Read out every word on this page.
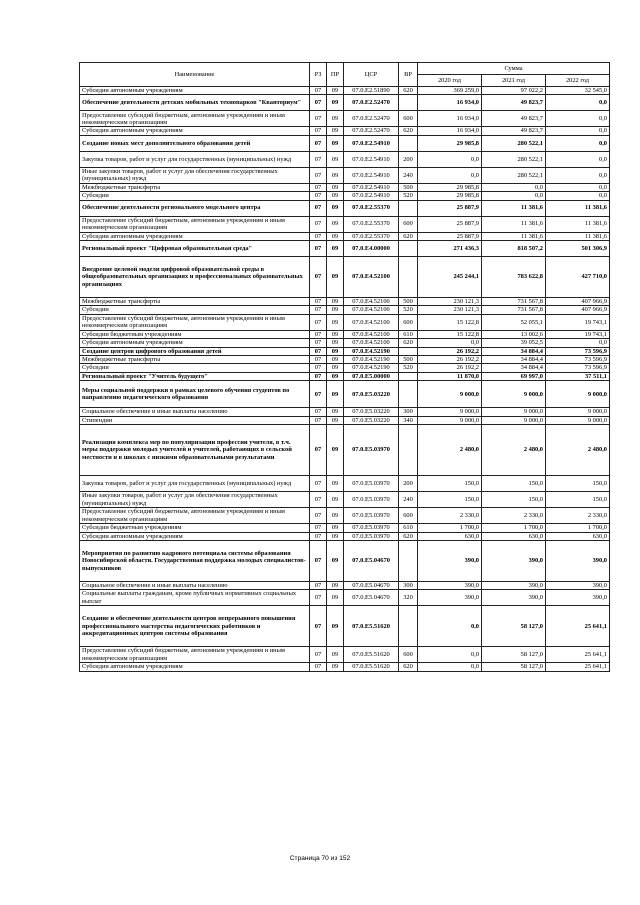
Наименование	РЗ	ПР	ЦСР	ВР	Сумма		
					2020 год	2021 год	2022 год
Субсидии автономным учреждениям	07	09	07.0.E2.51890	620	369 259,0	97 022,2	32 545,0
Обеспечение деятельности детских мобильных технопарков "Кванториум"	07	09	07.0.E2.52470		16 934,0	49 823,7	0,0
Предоставление субсидий бюджетным, автономным учреждениям и иным некоммерческим организациям	07	09	07.0.E2.52470	600	16 934,0	49 823,7	0,0
Субсидии автономным учреждениям	07	09	07.0.E2.52470	620	16 934,0	49 823,7	0,0
Создание новых мест дополнительного образования детей	07	09	07.0.E2.54910		29 985,8	280 522,1	0,0
Закупка товаров, работ и услуг для государственных (муниципальных) нужд	07	09	07.0.E2.54910	200	0,0	280 522,1	0,0
Иные закупки товаров, работ и услуг для обеспечения государственных (муниципальных) нужд	07	09	07.0.E2.54910	240	0,0	280 522,1	0,0
Межбюджетные трансферты	07	09	07.0.E2.54910	500	29 985,8	0,0	0,0
Субсидии	07	09	07.0.E2.54910	520	29 985,8	0,0	0,0
Обеспечение деятельности регионального модельного центра	07	09	07.0.E2.55370		25 887,9	11 381,6	11 381,6
Предоставление субсидий бюджетным, автономным учреждениям и иным некоммерческим организациям	07	09	07.0.E2.55370	600	25 887,9	11 381,6	11 381,6
Субсидии автономным учреждениям	07	09	07.0.E2.55370	620	25 887,9	11 381,6	11 381,6
Региональный проект "Цифровая образовательная среда"	07	09	07.0.E4.00000		271 436,3	818 507,2	501 306,9
Внедрение целевой модели цифровой образовательной среды в общеобразовательных организациях и профессиональных образовательных организациях	07	09	07.0.E4.52100		245 244,1	783 622,8	427 710,0
Межбюджетные трансферты	07	09	07.0.E4.52100	500	230 121,3	731 567,8	407 966,9
Субсидии	07	09	07.0.E4.52100	520	230 121,3	731 567,8	407 966,9
Предоставление субсидий бюджетным, автономным учреждениям и иным некоммерческим организациям	07	09	07.0.E4.52100	600	15 122,8	52 055,1	19 743,1
Субсидии бюджетным учреждениям	07	09	07.0.E4.52100	610	15 122,8	13 002,6	19 743,1
Субсидии автономным учреждениям	07	09	07.0.E4.52100	620	0,0	39 052,5	0,0
Создание центров цифрового образования детей	07	09	07.0.E4.52190		26 192,2	34 884,4	73 596,9
Межбюджетные трансферты	07	09	07.0.E4.52190	500	26 192,2	34 884,4	73 596,9
Субсидии	07	09	07.0.E4.52190	520	26 192,2	34 884,4	73 596,9
Региональный проект "Учитель будущего"	07	09	07.0.E5.00000		11 870,0	69 997,0	37 511,1
Меры социальной поддержки в рамках целевого обучения студентов по направлению педагогического образования	07	09	07.0.E5.03220		9 000,0	9 000,0	9 000,0
Социальное обеспечение и иные выплаты населению	07	09	07.0.E5.03220	300	9 000,0	9 000,0	9 000,0
Стипендии	07	09	07.0.E5.03220	340	9 000,0	9 000,0	9 000,0
Реализация комплекса мер по популяризации профессии учителя, в т.ч. меры поддержки молодых учителей и учителей, работающих в сельской местности и в школах с низкими образовательными результатами	07	09	07.0.E5.03970		2 480,0	2 480,0	2 480,0
Закупка товаров, работ и услуг для государственных (муниципальных) нужд	07	09	07.0.E5.03970	200	150,0	150,0	150,0
Иные закупки товаров, работ и услуг для обеспечения государственных (муниципальных) нужд	07	09	07.0.E5.03970	240	150,0	150,0	150,0
Предоставление субсидий бюджетным, автономным учреждениям и иным некоммерческим организациям	07	09	07.0.E5.03970	600	2 330,0	2 330,0	2 330,0
Субсидии бюджетным учреждениям	07	09	07.0.E5.03970	610	1 700,0	1 700,0	1 700,0
Субсидии автономным учреждениям	07	09	07.0.E5.03970	620	630,0	630,0	630,0
Мероприятия по развитию кадрового потенциала системы образования Новосибирской области. Государственная поддержка молодых специалистов-выпускников	07	09	07.0.E5.04670		390,0	390,0	390,0
Социальное обеспечение и иные выплаты населению	07	09	07.0.E5.04670	300	390,0	390,0	390,0
Социальные выплаты гражданам, кроме публичных нормативных социальных выплат	07	09	07.0.E5.04670	320	390,0	390,0	390,0
Создание и обеспечение деятельности центров непрерывного повышения профессионального мастерства педагогических работников и аккредитационных центров системы образования	07	09	07.0.E5.51620		0,0	58 127,0	25 641,1
Предоставление субсидий бюджетным, автономным учреждениям и иным некоммерческим организациям	07	09	07.0.E5.51620	600	0,0	58 127,0	25 641,1
Субсидии автономным учреждениям	07	09	07.0.E5.51620	620	0,0	58 127,0	25 641,1
Страница 70 из 152
